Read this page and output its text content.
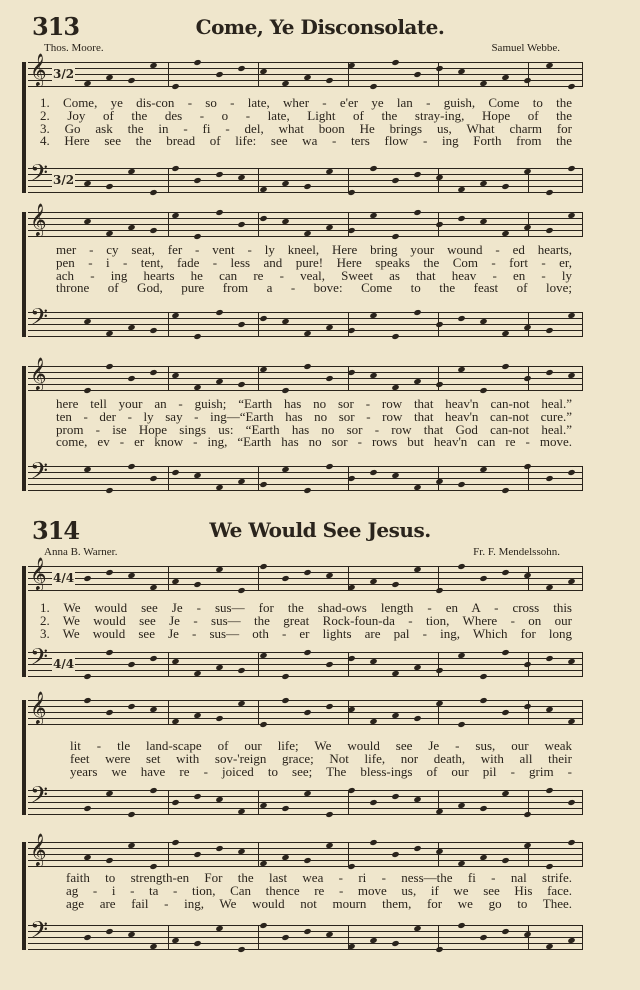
313	Come, Ye Disconsolate.
Thos. Moore.	Samuel Webbe.
314	We Would See Jesus.
Anna B. Warner.	Fr. F. Mendelssohn.
𝄞 3/2
𝄢 3/2
1. Come, ye dis-con - so - late, wher - e'er ye lan - guish, Come to the
2. Joy of the des - o - late, Light of the stray-ing, Hope of the
3. Go ask the in - fi - del, what boon He brings us, What charm for
4. Here see the bread of life: see wa - ters flow - ing Forth from the
𝄞
𝄢
mer - cy seat, fer - vent - ly kneel, Here bring your wound - ed hearts,
pen - i - tent, fade - less and pure! Here speaks the Com - fort - er,
ach - ing hearts he can re - veal, Sweet as that heav - en - ly
throne of God, pure from a - bove: Come to the feast of love;
𝄞
𝄢
here tell your an - guish; “Earth has no sor - row that heav'n can-not heal.”
ten - der - ly say - ing—“Earth has no sor - row that heav'n can-not cure.”
prom - ise Hope sings us: “Earth has no sor - row that God can-not heal.”
come, ev - er know - ing, “Earth has no sor - rows but heav'n can re - move.
𝄞 4/4
𝄢 4/4
1. We would see Je - sus— for the shad-ows length - en A - cross this
2. We would see Je - sus— the great Rock-foun-da - tion, Where - on our
3. We would see Je - sus— oth - er lights are pal - ing, Which for long
𝄞
𝄢
lit - tle land-scape of our life; We would see Je - sus, our weak
feet were set with sov-'reign grace; Not life, nor death, with all their
years we have re - joiced to see; The bless-ings of our pil - grim -
𝄞
𝄢
faith to strength-en For the last wea - ri - ness—the fi - nal strife.
ag - i - ta - tion, Can thence re - move us, if we see His face.
age are fail - ing, We would not mourn them, for we go to Thee.
